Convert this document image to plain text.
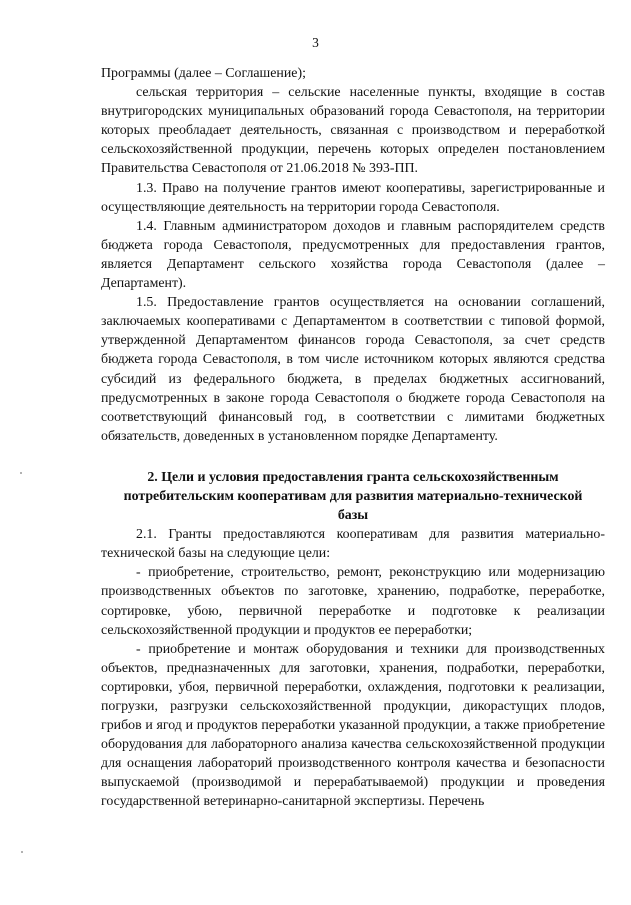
3

Программы (далее – Соглашение);

сельская территория – сельские населенные пункты, входящие в состав внутригородских муниципальных образований города Севастополя, на территории которых преобладает деятельность, связанная с производством и переработкой сельскохозяйственной продукции, перечень которых определен постановлением Правительства Севастополя от 21.06.2018 № 393-ПП.

1.3. Право на получение грантов имеют кооперативы, зарегистрированные и осуществляющие деятельность на территории города Севастополя.

1.4. Главным администратором доходов и главным распорядителем средств бюджета города Севастополя, предусмотренных для предоставления грантов, является Департамент сельского хозяйства города Севастополя (далее – Департамент).

1.5. Предоставление грантов осуществляется на основании соглашений, заключаемых кооперативами с Департаментом в соответствии с типовой формой, утвержденной Департаментом финансов города Севастополя, за счет средств бюджета города Севастополя, в том числе источником которых являются средства субсидий из федерального бюджета, в пределах бюджетных ассигнований, предусмотренных в законе города Севастополя о бюджете города Севастополя на соответствующий финансовый год, в соответствии с лимитами бюджетных обязательств, доведенных в установленном порядке Департаменту.

2. Цели и условия предоставления гранта сельскохозяйственным
потребительским кооперативам для развития материально-технической
базы

2.1. Гранты предоставляются кооперативам для развития материально-технической базы на следующие цели:

- приобретение, строительство, ремонт, реконструкцию или модернизацию производственных объектов по заготовке, хранению, подработке, переработке, сортировке, убою, первичной переработке и подготовке к реализации сельскохозяйственной продукции и продуктов ее переработки;

- приобретение и монтаж оборудования и техники для производственных объектов, предназначенных для заготовки, хранения, подработки, переработки, сортировки, убоя, первичной переработки, охлаждения, подготовки к реализации, погрузки, разгрузки сельскохозяйственной продукции, дикорастущих плодов, грибов и ягод и продуктов переработки указанной продукции, а также приобретение оборудования для лабораторного анализа качества сельскохозяйственной продукции для оснащения лабораторий производственного контроля качества и безопасности выпускаемой (производимой и перерабатываемой) продукции и проведения государственной ветеринарно-санитарной экспертизы. Перечень
